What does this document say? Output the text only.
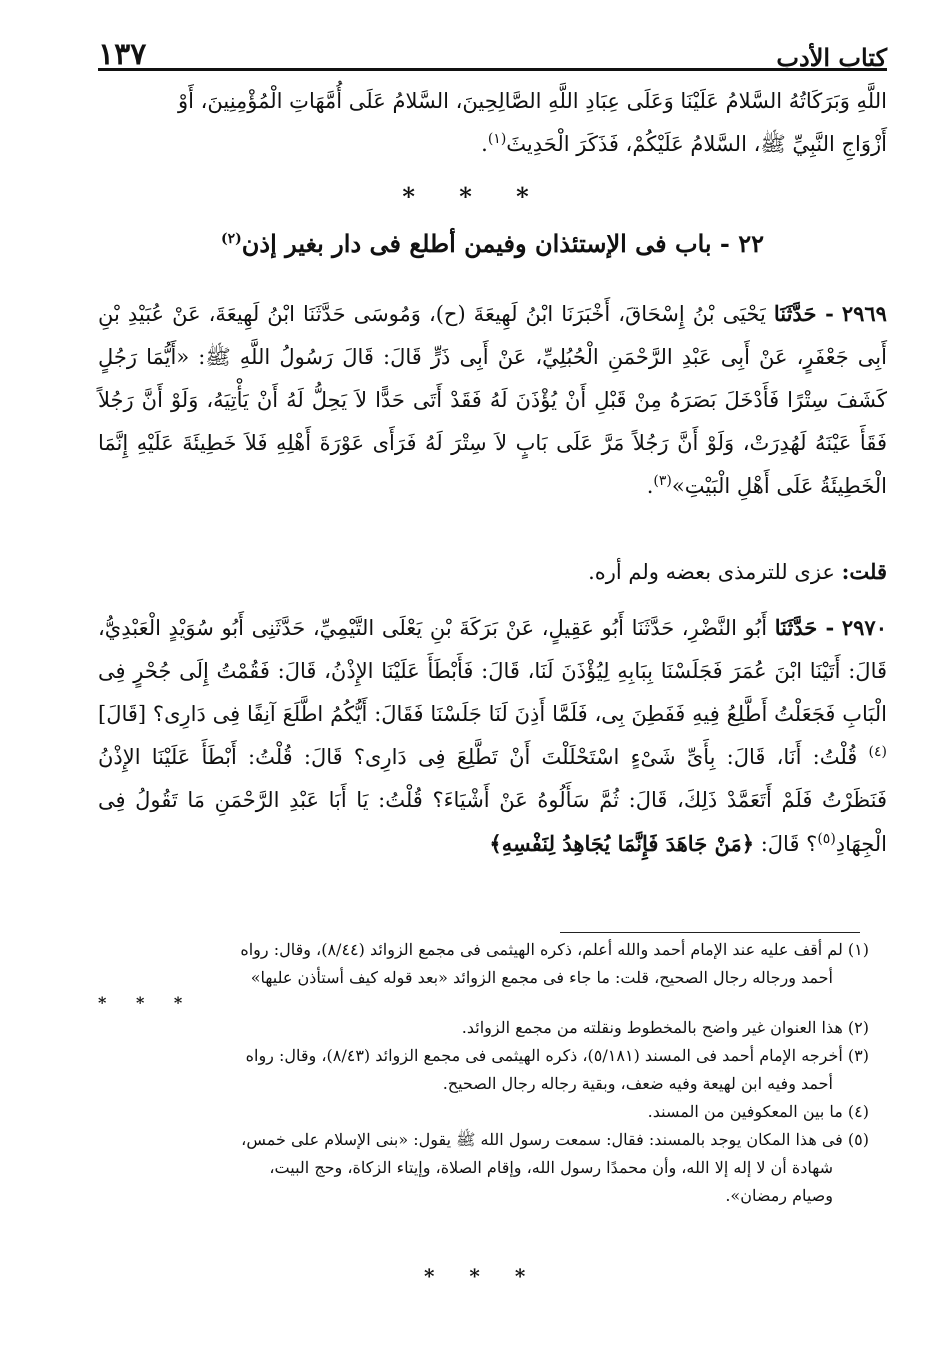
كتاب الأدب
١٣٧
اللَّهِ وَبَرَكَاتُهُ السَّلامُ عَلَيْنَا وَعَلَى عِبَادِ اللَّهِ الصَّالِحِينَ، السَّلامُ عَلَى أُمَّهَاتِ الْمُؤْمِنِينَ، أَوْ
أَزْوَاجِ النَّبِيِّ ﷺ، السَّلامُ عَلَيْكُمْ، فَذَكَرَ الْحَدِيثَ$^{(١)}$.
* * *
٢٢ - باب فى الإستئذان وفيمن أطلع فى دار بغير إذن$^{(٢)}$
٢٩٦٩ - حَدَّثَنَا يَحْيَى بْنُ إِسْحَاقَ، أَخْبَرَنَا ابْنُ لَهِيعَةَ (ح)، وَمُوسَى حَدَّثَنَا ابْنُ لَهِيعَةَ، عَنْ عُبَيْدِ بْنِ أَبِى جَعْفَرٍ، عَنْ أَبِى عَبْدِ الرَّحْمَنِ الْحُبُلِيِّ، عَنْ أَبِى ذَرٍّ قَالَ: قَالَ رَسُولُ اللَّهِ ﷺ: «أَيُّمَا رَجُلٍ كَشَفَ سِتْرًا فَأَدْخَلَ بَصَرَهُ مِنْ قَبْلِ أَنْ يُؤْذَنَ لَهُ فَقَدْ أَتَى حَدًّا لاَ يَحِلُّ لَهُ أَنْ يَأْتِيَهُ، وَلَوْ أَنَّ رَجُلاً فَقَأَ عَيْنَهُ لَهُدِرَتْ، وَلَوْ أَنَّ رَجُلاً مَرَّ عَلَى بَابٍ لاَ سِتْرَ لَهُ فَرَأَى عَوْرَةَ أَهْلِهِ فَلاَ خَطِيئَةَ عَلَيْهِ إِنَّمَا الْخَطِيئَةُ عَلَى أَهْلِ الْبَيْتِ»$^{(٣)}$.
قلت: عزى للترمذى بعضه ولم أره.
٢٩٧٠ - حَدَّثَنَا أَبُو النَّضْرِ، حَدَّثَنَا أَبُو عَقِيلٍ، عَنْ بَرَكَةَ بْنِ يَعْلَى التَّيْمِيِّ، حَدَّثَنِى أَبُو سُوَيْدٍ الْعَبْدِيُّ، قَالَ: أَتَيْنَا ابْنَ عُمَرَ فَجَلَسْنَا بِبَابِهِ لِيُؤْذَنَ لَنَا، قَالَ: فَأَبْطَأَ عَلَيْنَا الإِذْنُ، قَالَ: فَقُمْتُ إِلَى جُحْرٍ فِى الْبَابِ فَجَعَلْتُ أَطَّلِعُ فِيهِ فَفَطِنَ بِى، فَلَمَّا أَذِنَ لَنَا جَلَسْنَا فَقَالَ: أَيُّكُمُ اطَّلَعَ آنِفًا فِى دَارِى؟ [قَالَ]$^{(٤)}$ قُلْتُ: أَنَا، قَالَ: بِأَىِّ شَىْءٍ اسْتَحْلَلْتَ أَنْ تَطَّلِعَ فِى دَارِى؟ قَالَ: قُلْتُ: أَبْطَأَ عَلَيْنَا الإِذْنُ فَنَظَرْتُ فَلَمْ أَتَعَمَّدْ ذَلِكَ، قَالَ: ثُمَّ سَأَلُوهُ عَنْ أَشْيَاءَ؟ قُلْتُ: يَا أَبَا عَبْدِ الرَّحْمَنِ مَا تَقُولُ فِى الْجِهَادِ$^{(٥)}$؟ قَالَ: ﴿مَنْ جَاهَدَ فَإِنَّمَا يُجَاهِدُ لِنَفْسِهِ﴾

(١) لم أقف عليه عند الإمام أحمد والله أعلم، ذكره الهيثمى فى مجمع الزوائد (٨/٤٤)، وقال: رواه

أحمد ورجاله رجال الصحيح، قلت: ما جاء فى مجمع الزوائد «بعد قوله كيف أستأذن عليها»

* * *

(٢) هذا العنوان غير واضح بالمخطوط ونقلته من مجمع الزوائد.

(٣) أخرجه الإمام أحمد فى المسند (٥/١٨١)، ذكره الهيثمى فى مجمع الزوائد (٨/٤٣)، وقال: رواه

أحمد وفيه ابن لهيعة وفيه ضعف، وبقية رجاله رجال الصحيح.

(٤) ما بين المعكوفين من المسند.

(٥) فى هذا المكان يوجد بالمسند: فقال: سمعت رسول الله ﷺ يقول: «بنى الإسلام على خمس،

شهادة أن لا إله إلا الله، وأن محمدًا رسول الله، وإقام الصلاة، وإيتاء الزكاة، وحج البيت،

وصيام رمضان».

* * *
